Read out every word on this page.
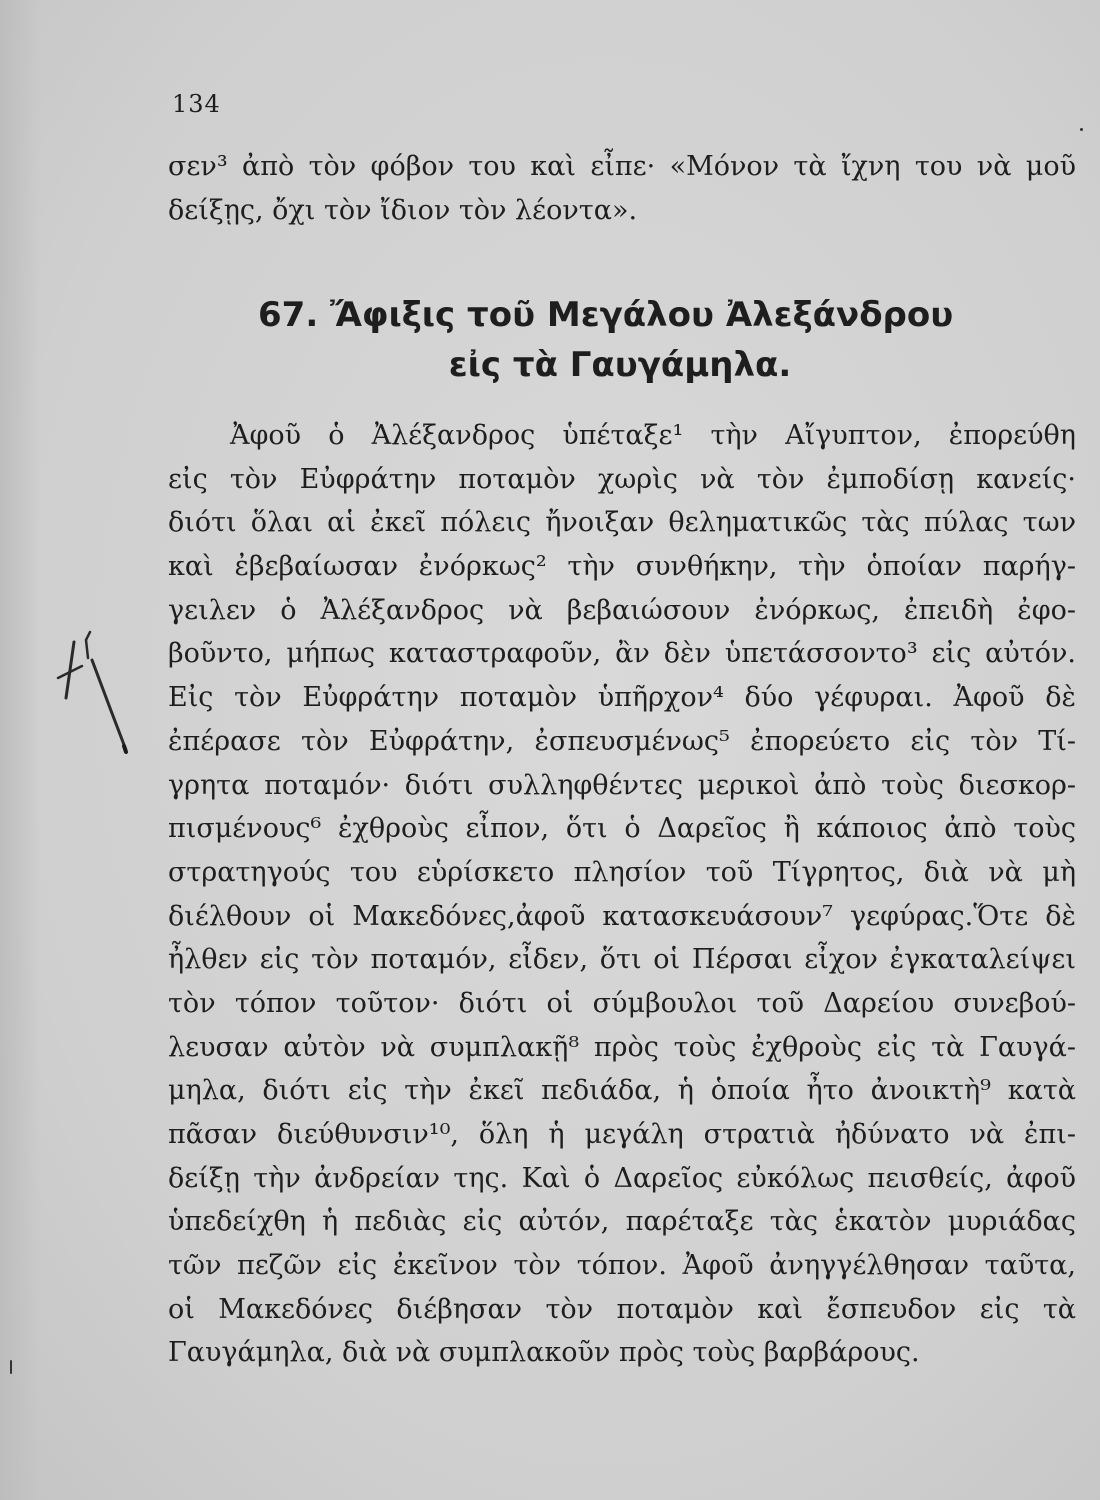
134
σεν³ ἀπὸ τὸν φόβον του καὶ εἶπε· «Μόνον τὰ ἴχνη του νὰ μοῦ
δείξῃς, ὄχι τὸν ἴδιον τὸν λέοντα».
67. Ἄφιξις τοῦ Μεγάλου Ἀλεξάνδρου
εἰς τὰ Γαυγάμηλα.
Ἀφοῦ ὁ Ἀλέξανδρος ὑπέταξε¹ τὴν Αἴγυπτον, ἐπορεύθη
εἰς τὸν Εὐφράτην ποταμὸν χωρὶς νὰ τὸν ἐμποδίσῃ κανείς·
διότι ὅλαι αἱ ἐκεῖ πόλεις ἤνοιξαν θεληματικῶς τὰς πύλας των
καὶ ἐβεβαίωσαν ἐνόρκως² τὴν συνθήκην, τὴν ὁποίαν παρήγ-
γειλεν ὁ Ἀλέξανδρος νὰ βεβαιώσουν ἐνόρκως, ἐπειδὴ ἐφο-
βοῦντο, μήπως καταστραφοῦν, ἂν δὲν ὑπετάσσοντο³ εἰς αὐτόν.
Εἰς τὸν Εὐφράτην ποταμὸν ὑπῆρχον⁴ δύο γέφυραι. Ἀφοῦ δὲ
ἐπέρασε τὸν Εὐφράτην, ἐσπευσμένως⁵ ἐπορεύετο εἰς τὸν Τί-
γρητα ποταμόν· διότι συλληφθέντες μερικοὶ ἀπὸ τοὺς διεσκορ-
πισμένους⁶ ἐχθροὺς εἶπον, ὅτι ὁ Δαρεῖος ἢ κάποιος ἀπὸ τοὺς
στρατηγούς του εὑρίσκετο πλησίον τοῦ Τίγρητος, διὰ νὰ μὴ
διέλθουν οἱ Μακεδόνες,ἀφοῦ κατασκευάσουν⁷ γεφύρας.Ὅτε δὲ
ἦλθεν εἰς τὸν ποταμόν, εἶδεν, ὅτι οἱ Πέρσαι εἶχον ἐγκαταλείψει
τὸν τόπον τοῦτον· διότι οἱ σύμβουλοι τοῦ Δαρείου συνεβού-
λευσαν αὐτὸν νὰ συμπλακῇ⁸ πρὸς τοὺς ἐχθροὺς εἰς τὰ Γαυγά-
μηλα, διότι εἰς τὴν ἐκεῖ πεδιάδα, ἡ ὁποία ἦτο ἀνοικτὴ⁹ κατὰ
πᾶσαν διεύθυνσιν¹⁰, ὅλη ἡ μεγάλη στρατιὰ ἠδύνατο νὰ ἐπι-
δείξῃ τὴν ἀνδρείαν της. Καὶ ὁ Δαρεῖος εὐκόλως πεισθείς, ἀφοῦ
ὑπεδείχθη ἡ πεδιὰς εἰς αὐτόν, παρέταξε τὰς ἑκατὸν μυριάδας
τῶν πεζῶν εἰς ἐκεῖνον τὸν τόπον. Ἀφοῦ ἀνηγγέλθησαν ταῦτα,
οἱ Μακεδόνες διέβησαν τὸν ποταμὸν καὶ ἔσπευδον εἰς τὰ
Γαυγάμηλα, διὰ νὰ συμπλακοῦν πρὸς τοὺς βαρβάρους.
